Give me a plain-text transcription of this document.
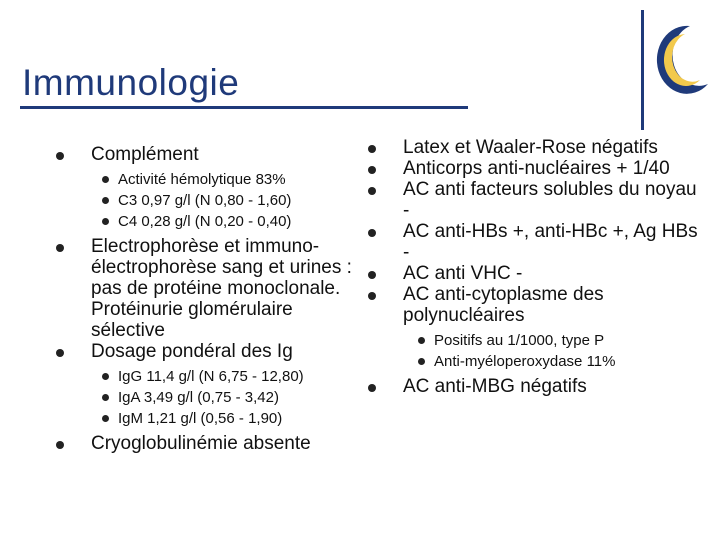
Immunologie
Complément
Activité hémolytique 83%
C3 0,97 g/l (N 0,80 - 1,60)
C4 0,28 g/l (N 0,20 - 0,40)
Electrophorèse et immuno-électrophorèse sang et urines : pas de protéine monoclonale. Protéinurie glomérulaire sélective
Dosage pondéral des Ig
IgG 11,4 g/l (N 6,75 - 12,80)
IgA 3,49 g/l (0,75 - 3,42)
IgM 1,21 g/l (0,56 - 1,90)
Cryoglobulinémie absente
Latex et Waaler-Rose négatifs
Anticorps anti-nucléaires + 1/40
AC anti facteurs solubles du noyau -
AC anti-HBs +, anti-HBc +, Ag HBs -
AC anti VHC -
AC anti-cytoplasme des polynucléaires
Positifs au 1/1000, type P
Anti-myéloperoxydase 11%
AC anti-MBG négatifs
